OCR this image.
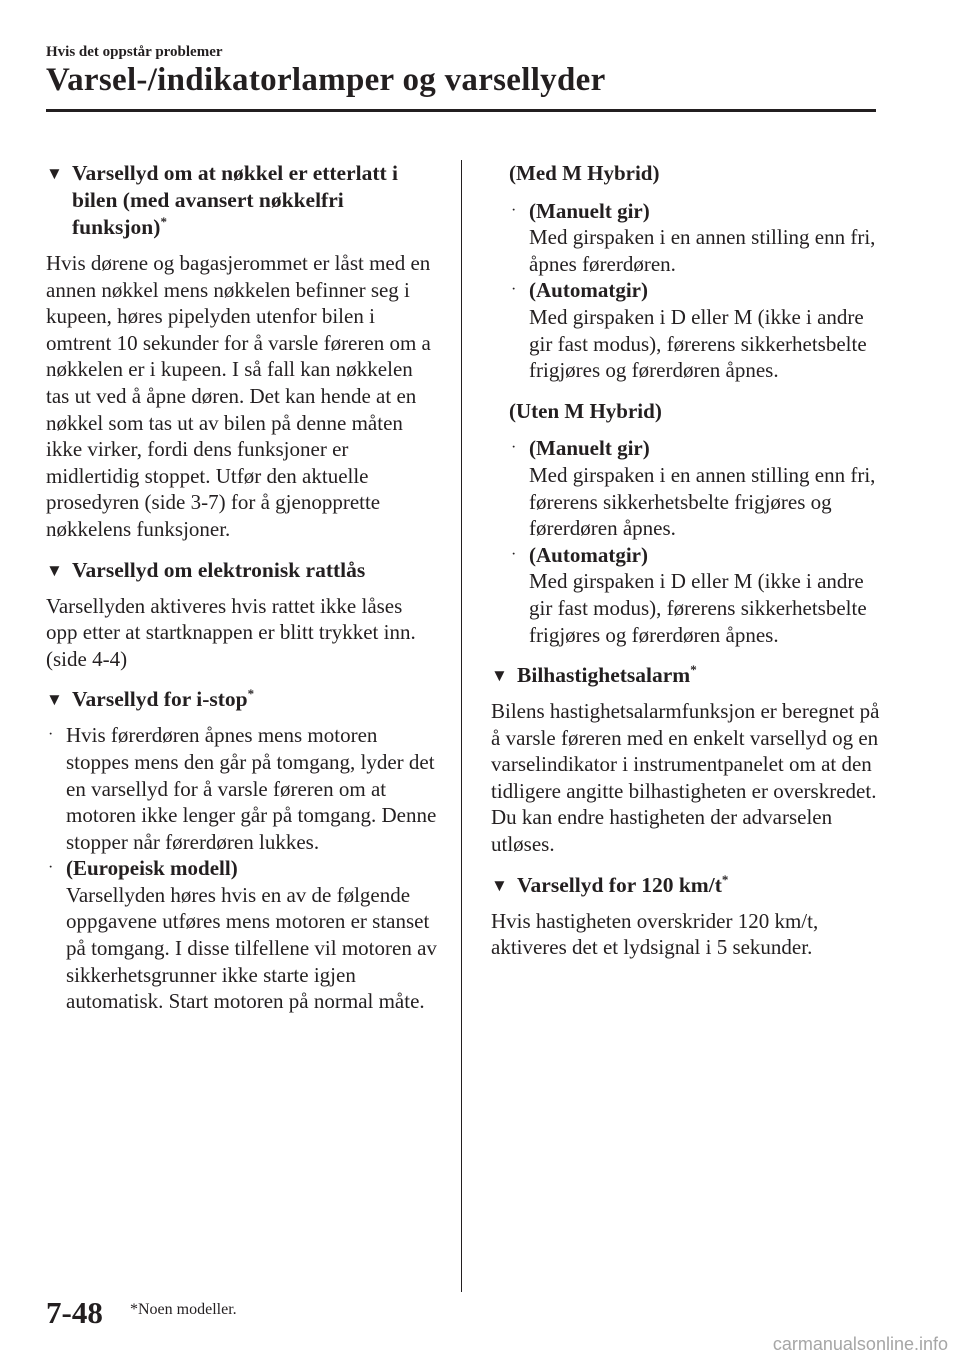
Hvis det oppstår problemer
Varsel-/indikatorlamper og varsellyder
▼ Varsellyd om at nøkkel er etterlatt i bilen (med avansert nøkkelfri funksjon)*
Hvis dørene og bagasjerommet er låst med en annen nøkkel mens nøkkelen befinner seg i kupeen, høres pipelyden utenfor bilen i omtrent 10 sekunder for å varsle føreren om a nøkkelen er i kupeen. I så fall kan nøkkelen tas ut ved å åpne døren. Det kan hende at en nøkkel som tas ut av bilen på denne måten ikke virker, fordi dens funksjoner er midlertidig stoppet. Utfør den aktuelle prosedyren (side 3-7) for å gjenopprette nøkkelens funksjoner.
▼ Varsellyd om elektronisk rattlås
Varsellyden aktiveres hvis rattet ikke låses opp etter at startknappen er blitt trykket inn. (side 4-4)
▼ Varsellyd for i-stop*
· Hvis førerdøren åpnes mens motoren stoppes mens den går på tomgang, lyder det en varsellyd for å varsle føreren om at motoren ikke lenger går på tomgang. Denne stopper når førerdøren lukkes.
· (Europeisk modell)
Varsellyden høres hvis en av de følgende oppgavene utføres mens motoren er stanset på tomgang. I disse tilfellene vil motoren av sikkerhetsgrunner ikke starte igjen automatisk. Start motoren på normal måte.
(Med M Hybrid)
· (Manuelt gir)
Med girspaken i en annen stilling enn fri, åpnes førerdøren.
· (Automatgir)
Med girspaken i D eller M (ikke i andre gir fast modus), førerens sikkerhetsbelte frigjøres og førerdøren åpnes.
(Uten M Hybrid)
· (Manuelt gir)
Med girspaken i en annen stilling enn fri, førerens sikkerhetsbelte frigjøres og førerdøren åpnes.
· (Automatgir)
Med girspaken i D eller M (ikke i andre gir fast modus), førerens sikkerhetsbelte frigjøres og førerdøren åpnes.
▼ Bilhastighetsalarm*
Bilens hastighetsalarmfunksjon er beregnet på å varsle føreren med en enkelt varsellyd og en varselindikator i instrumentpanelet om at den tidligere angitte bilhastigheten er overskredet.
Du kan endre hastigheten der advarselen utløses.
▼ Varsellyd for 120 km/t*
Hvis hastigheten overskrider 120 km/t, aktiveres det et lydsignal i 5 sekunder.
7-48 *Noen modeller.
carmanualsonline.info
